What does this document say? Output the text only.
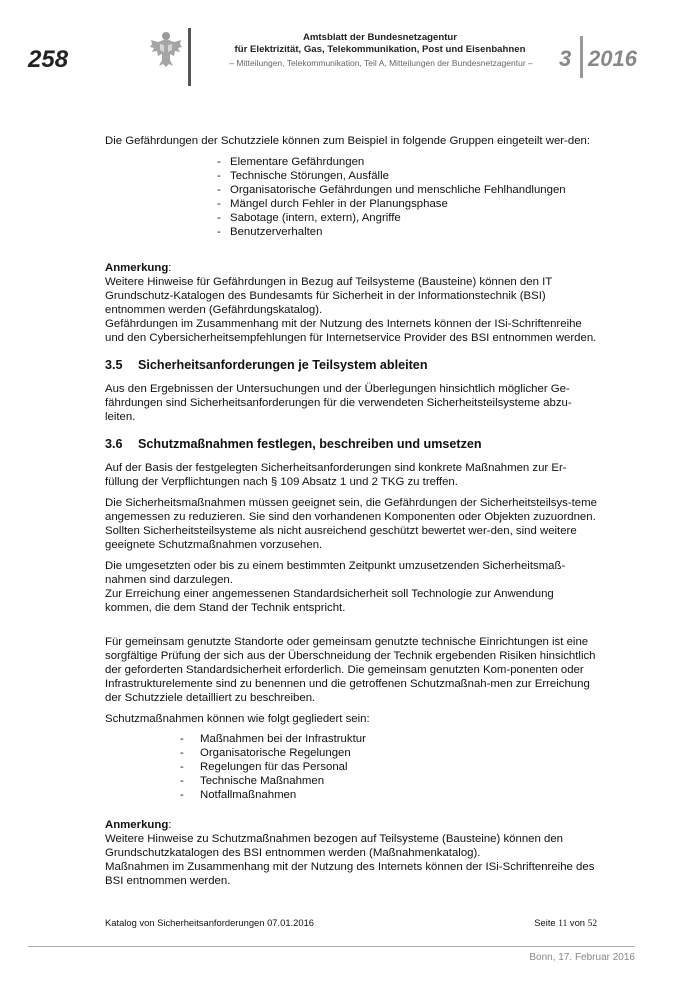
258
Amtsblatt der Bundesnetzagentur
für Elektrizität, Gas, Telekommunikation, Post und Eisenbahnen
– Mitteilungen, Telekommunikation, Teil A, Mitteilungen der Bundesnetzagentur –	3 2016

Die Gefährdungen der Schutzziele können zum Beispiel in folgende Gruppen eingeteilt wer-den:

- Elementare Gefährdungen
- Technische Störungen, Ausfälle
- Organisatorische Gefährdungen und menschliche Fehlhandlungen
- Mängel durch Fehler in der Planungsphase
- Sabotage (intern, extern), Angriffe
- Benutzerverhalten
Anmerkung:
Weitere Hinweise für Gefährdungen in Bezug auf Teilsysteme (Bausteine) können den IT Grundschutz-Katalogen des Bundesamts für Sicherheit in der Informationstechnik (BSI) entnommen werden (Gefährdungskatalog).
Gefährdungen im Zusammenhang mit der Nutzung des Internets können der ISi-Schriftenreihe und den Cybersicherheitsempfehlungen für Internetservice Provider des BSI entnommen werden.
3.5	Sicherheitsanforderungen je Teilsystem ableiten

Aus den Ergebnissen der Untersuchungen und der Überlegungen hinsichtlich möglicher Ge-fährdungen sind Sicherheitsanforderungen für die verwendeten Sicherheitsteilsysteme abzu-leiten.

3.6	Schutzmaßnahmen festlegen, beschreiben und umsetzen

Auf der Basis der festgelegten Sicherheitsanforderungen sind konkrete Maßnahmen zur Er-füllung der Verpflichtungen nach § 109 Absatz 1 und 2 TKG zu treffen.

Die Sicherheitsmaßnahmen müssen geeignet sein, die Gefährdungen der Sicherheitsteilsys-teme angemessen zu reduzieren. Sie sind den vorhandenen Komponenten oder Objekten zuzuordnen. Sollten Sicherheitsteilsysteme als nicht ausreichend geschützt bewertet wer-den, sind weitere geeignete Schutzmaßnahmen vorzusehen.

Die umgesetzten oder bis zu einem bestimmten Zeitpunkt umzusetzenden Sicherheitsmaß-nahmen sind darzulegen.
Zur Erreichung einer angemessenen Standardsicherheit soll Technologie zur Anwendung kommen, die dem Stand der Technik entspricht.

Für gemeinsam genutzte Standorte oder gemeinsam genutzte technische Einrichtungen ist eine sorgfältige Prüfung der sich aus der Überschneidung der Technik ergebenden Risiken hinsichtlich der geforderten Standardsicherheit erforderlich. Die gemeinsam genutzten Kom-ponenten oder Infrastrukturelemente sind zu benennen und die getroffenen Schutzmaßnah-men zur Erreichung der Schutzziele detailliert zu beschreiben.

Schutzmaßnahmen können wie folgt gegliedert sein:

- Maßnahmen bei der Infrastruktur
- Organisatorische Regelungen
- Regelungen für das Personal
- Technische Maßnahmen
- Notfallmaßnahmen
Anmerkung:
Weitere Hinweise zu Schutzmaßnahmen bezogen auf Teilsysteme (Bausteine) können den Grundschutzkatalogen des BSI entnommen werden (Maßnahmenkatalog).
Maßnahmen im Zusammenhang mit der Nutzung des Internets können der ISi-Schriftenreihe des BSI entnommen werden.
Katalog von Sicherheitsanforderungen 07.01.2016	Seite 11 von 52
Bonn, 17. Februar 2016
